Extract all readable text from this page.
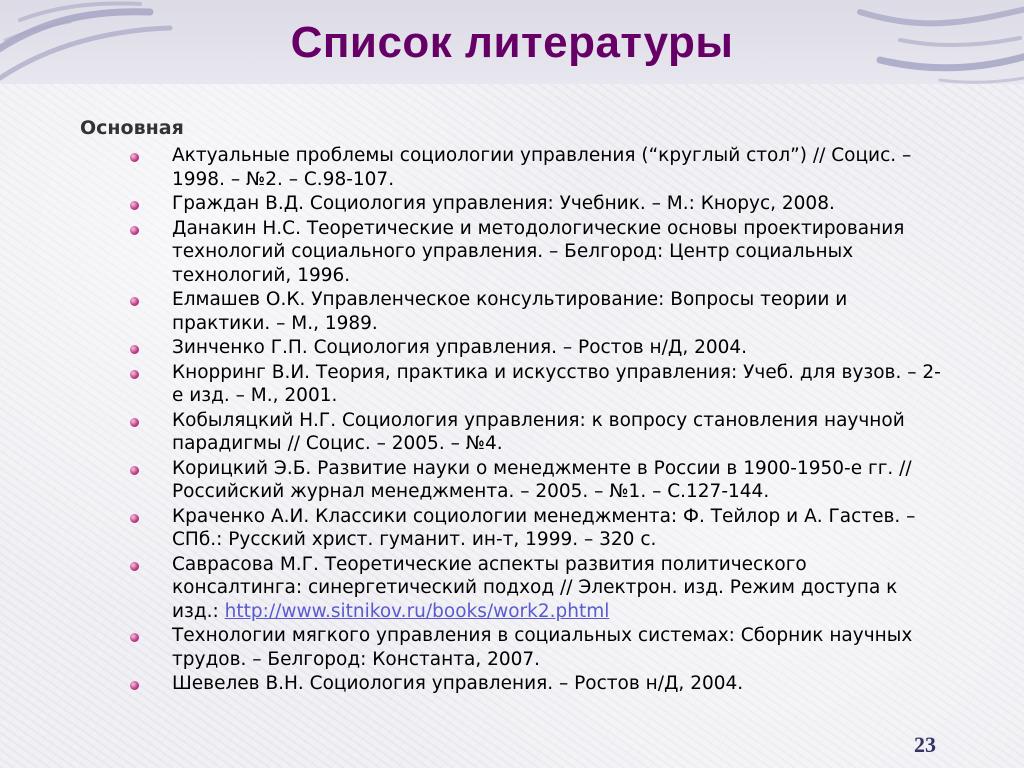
Список литературы
Основная
Актуальные проблемы социологии управления (“круглый стол”) // Социс. – 1998. – №2. – С.98-107.
Граждан В.Д. Социология управления: Учебник. – М.: Кнорус, 2008.
Данакин Н.С. Теоретические и методологические основы проектирования технологий социального управления. – Белгород: Центр социальных технологий, 1996.
Елмашев О.К. Управленческое консультирование: Вопросы теории и практики. – М., 1989.
Зинченко Г.П. Социология управления. – Ростов н/Д, 2004.
Кнорринг В.И. Теория, практика и искусство управления: Учеб. для вузов. – 2-е изд. – М., 2001.
Кобыляцкий Н.Г. Социология управления: к вопросу становления научной парадигмы // Социс. – 2005. – №4.
Корицкий Э.Б. Развитие науки о менеджменте в России в 1900-1950-е гг. // Российский журнал менеджмента. – 2005. – №1. – С.127-144.
Краченко А.И. Классики социологии менеджмента: Ф. Тейлор и А. Гастев. – СПб.: Русский христ. гуманит. ин-т, 1999. – 320 с.
Саврасова М.Г. Теоретические аспекты развития политического консалтинга: синергетический подход // Электрон. изд. Режим доступа к изд.: http://www.sitnikov.ru/books/work2.phtml
Технологии мягкого управления в социальных системах: Сборник научных трудов. – Белгород: Константа, 2007.
Шевелев В.Н. Социология управления. – Ростов н/Д, 2004.
23
